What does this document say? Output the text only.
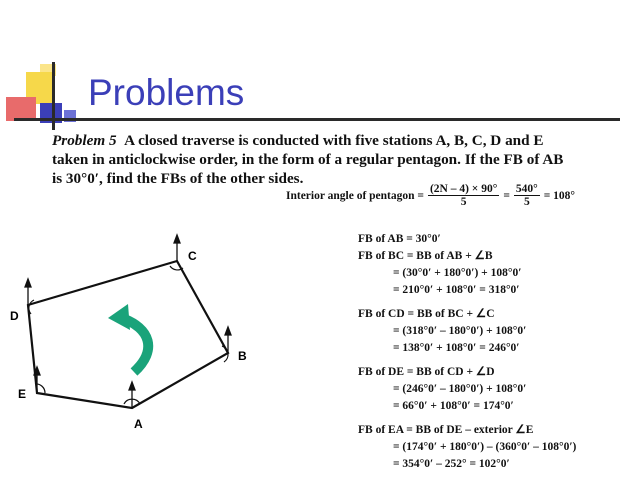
Problems

Problem 5 A closed traverse is conducted with five stations A, B, C, D and E

taken in anticlockwise order, in the form of a regular pentagon. If the FB of AB

is 30°0′, find the FBs of the other sides.

Interior angle of pentagon = $\frac{(2N - 4) \times 90^\circ}{5} = \frac{540^\circ}{5} = 108^\circ$
FB of AB = 30°0′
FB of BC = BB of AB + ∠B
= (30°0′ + 180°0′) + 108°0′
= 210°0′ + 108°0′ = 318°0′
FB of CD = BB of BC + ∠C
= (318°0′ – 180°0′) + 108°0′
= 138°0′ + 108°0′ = 246°0′
FB of DE = BB of CD + ∠D
= (246°0′ – 180°0′) + 108°0′
= 66°0′ + 108°0′ = 174°0′
FB of EA = BB of DE – exterior ∠E
= (174°0′ + 180°0′) – (360°0′ – 108°0′)
= 354°0′ – 252° = 102°0′
A
B
C
D
E
